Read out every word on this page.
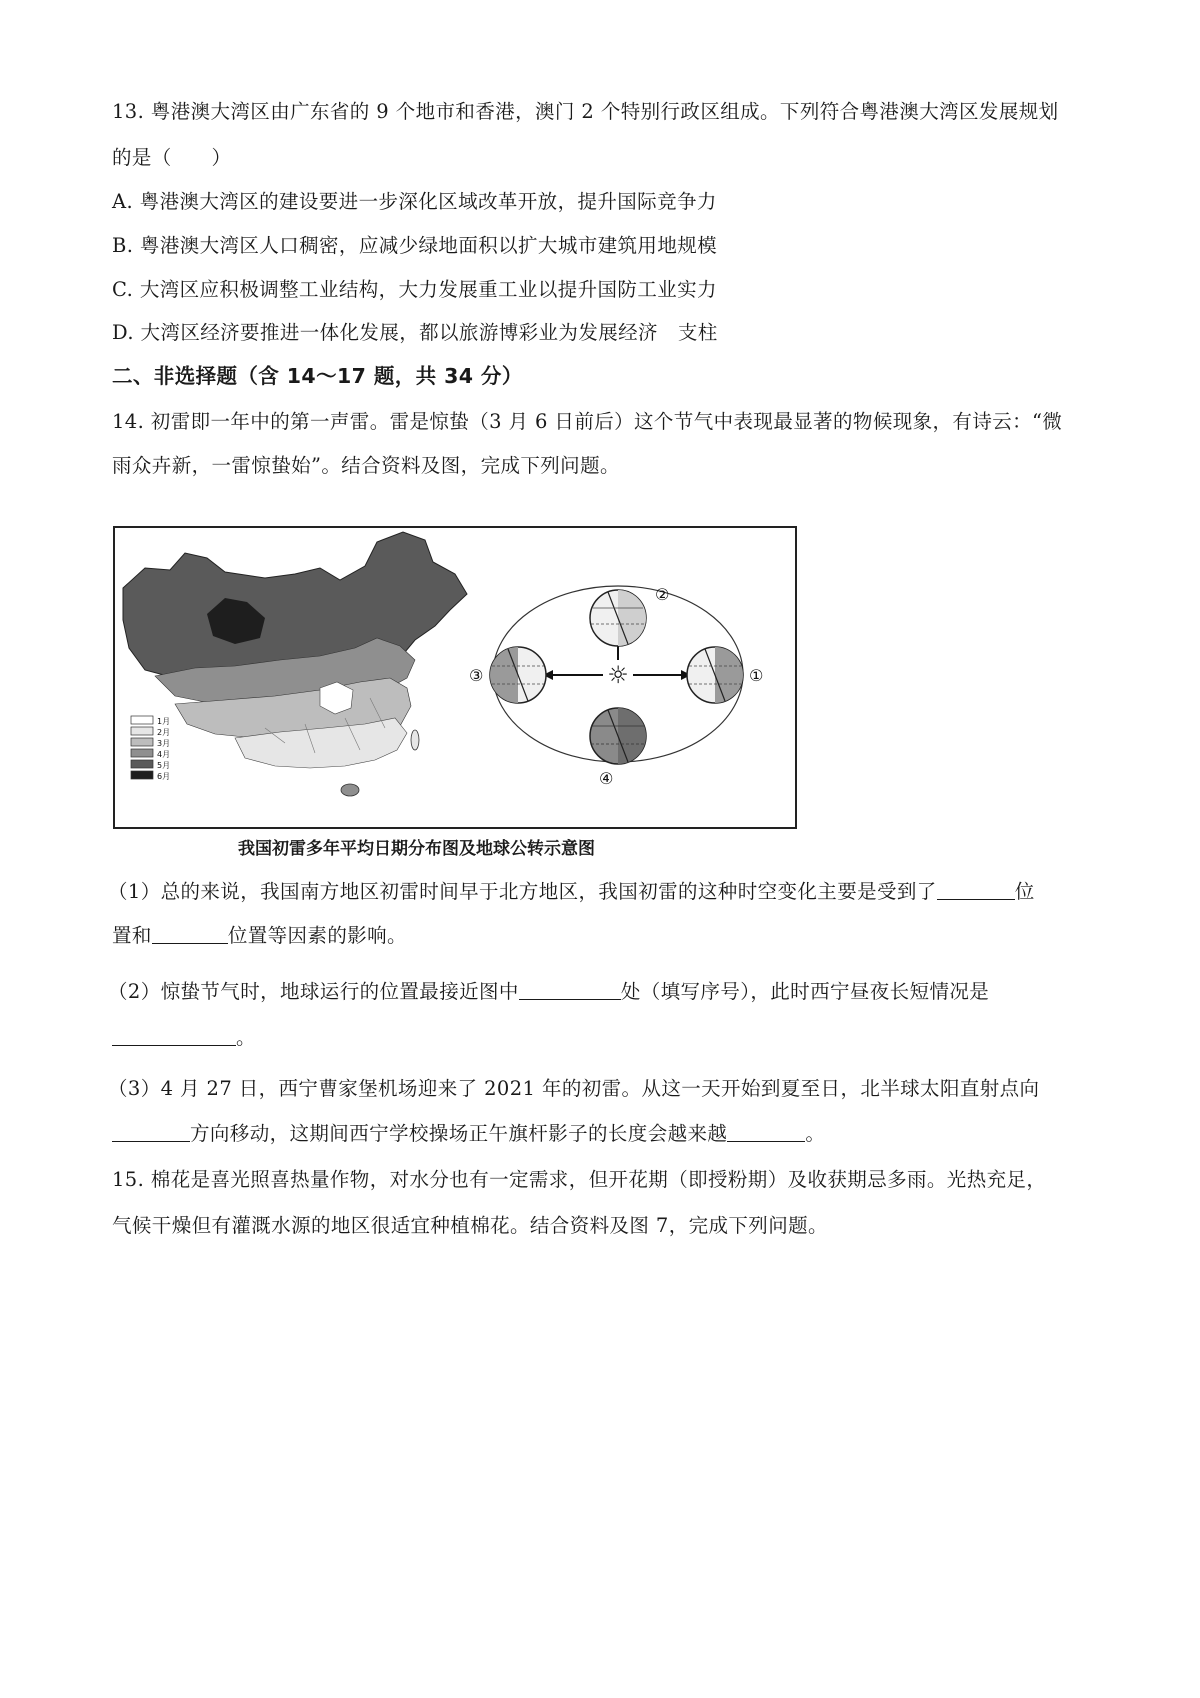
13. 粤港澳大湾区由广东省的 9 个地市和香港，澳门 2 个特别行政区组成。下列符合粤港澳大湾区发展规划
的是（　　）
A. 粤港澳大湾区的建设要进一步深化区域改革开放，提升国际竞争力
B. 粤港澳大湾区人口稠密，应减少绿地面积以扩大城市建筑用地规模
C. 大湾区应积极调整工业结构，大力发展重工业以提升国防工业实力
D. 大湾区经济要推进一体化发展，都以旅游博彩业为发展经济　支柱
二、非选择题（含 14～17 题，共 34 分）
14. 初雷即一年中的第一声雷。雷是惊蛰（3 月 6 日前后）这个节气中表现最显著的物候现象，有诗云：“微
雨众卉新，一雷惊蛰始”。结合资料及图，完成下列问题。
1月
2月
3月
4月
5月
6月
☼
②
①
③
④
我国初雷多年平均日期分布图及地球公转示意图
（1）总的来说，我国南方地区初雷时间早于北方地区，我国初雷的这种时空变化主要是受到了	位
置和	位置等因素的影响。
（2）惊蛰节气时，地球运行的位置最接近图中	处（填写序号），此时西宁昼夜长短情况是
。
（3）4 月 27 日，西宁曹家堡机场迎来了 2021 年的初雷。从这一天开始到夏至日，北半球太阳直射点向
方向移动，这期间西宁学校操场正午旗杆影子的长度会越来越	。
15. 棉花是喜光照喜热量作物，对水分也有一定需求，但开花期（即授粉期）及收获期忌多雨。光热充足，
气候干燥但有灌溉水源的地区很适宜种植棉花。结合资料及图 7，完成下列问题。
